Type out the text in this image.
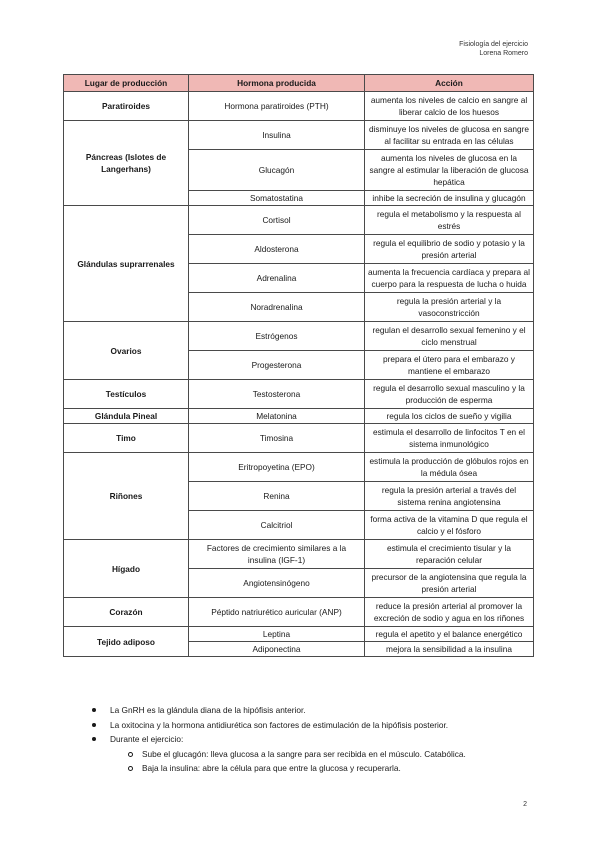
Fisiología del ejercicio
Lorena Romero
Lugar de producción	Hormona producida	Acción
Paratiroides	Hormona paratiroides (PTH)	aumenta los niveles de calcio en sangre al liberar calcio de los huesos
Páncreas (Islotes de Langerhans)	Insulina	disminuye los niveles de glucosa en sangre al facilitar su entrada en las células
	Glucagón	aumenta los niveles de glucosa en la sangre al estimular la liberación de glucosa hepática
	Somatostatina	inhibe la secreción de insulina y glucagón
Glándulas suprarrenales	Cortisol	regula el metabolismo y la respuesta al estrés
	Aldosterona	regula el equilibrio de sodio y potasio y la presión arterial
	Adrenalina	aumenta la frecuencia cardíaca y prepara al cuerpo para la respuesta de lucha o huida
	Noradrenalina	regula la presión arterial y la vasoconstricción
Ovarios	Estrógenos	regulan el desarrollo sexual femenino y el ciclo menstrual
	Progesterona	prepara el útero para el embarazo y mantiene el embarazo
Testículos	Testosterona	regula el desarrollo sexual masculino y la producción de esperma
Glándula Pineal	Melatonina	regula los ciclos de sueño y vigilia
Timo	Timosina	estimula el desarrollo de linfocitos T en el sistema inmunológico
Riñones	Eritropoyetina (EPO)	estimula la producción de glóbulos rojos en la médula ósea
	Renina	regula la presión arterial a través del sistema renina angiotensina
	Calcitriol	forma activa de la vitamina D que regula el calcio y el fósforo
Hígado	Factores de crecimiento similares a la insulina (IGF-1)	estimula el crecimiento tisular y la reparación celular
	Angiotensinógeno	precursor de la angiotensina que regula la presión arterial
Corazón	Péptido natriurético auricular (ANP)	reduce la presión arterial al promover la excreción de sodio y agua en los riñones
Tejido adiposo	Leptina	regula el apetito y el balance energético
	Adiponectina	mejora la sensibilidad a la insulina
La GnRH es la glándula diana de la hipófisis anterior.
La oxitocina y la hormona antidiurética son factores de estimulación de la hipófisis posterior.
Durante el ejercicio:
Sube el glucagón: lleva glucosa a la sangre para ser recibida en el músculo. Catabólica.
Baja la insulina: abre la célula para que entre la glucosa y recuperarla.
2
